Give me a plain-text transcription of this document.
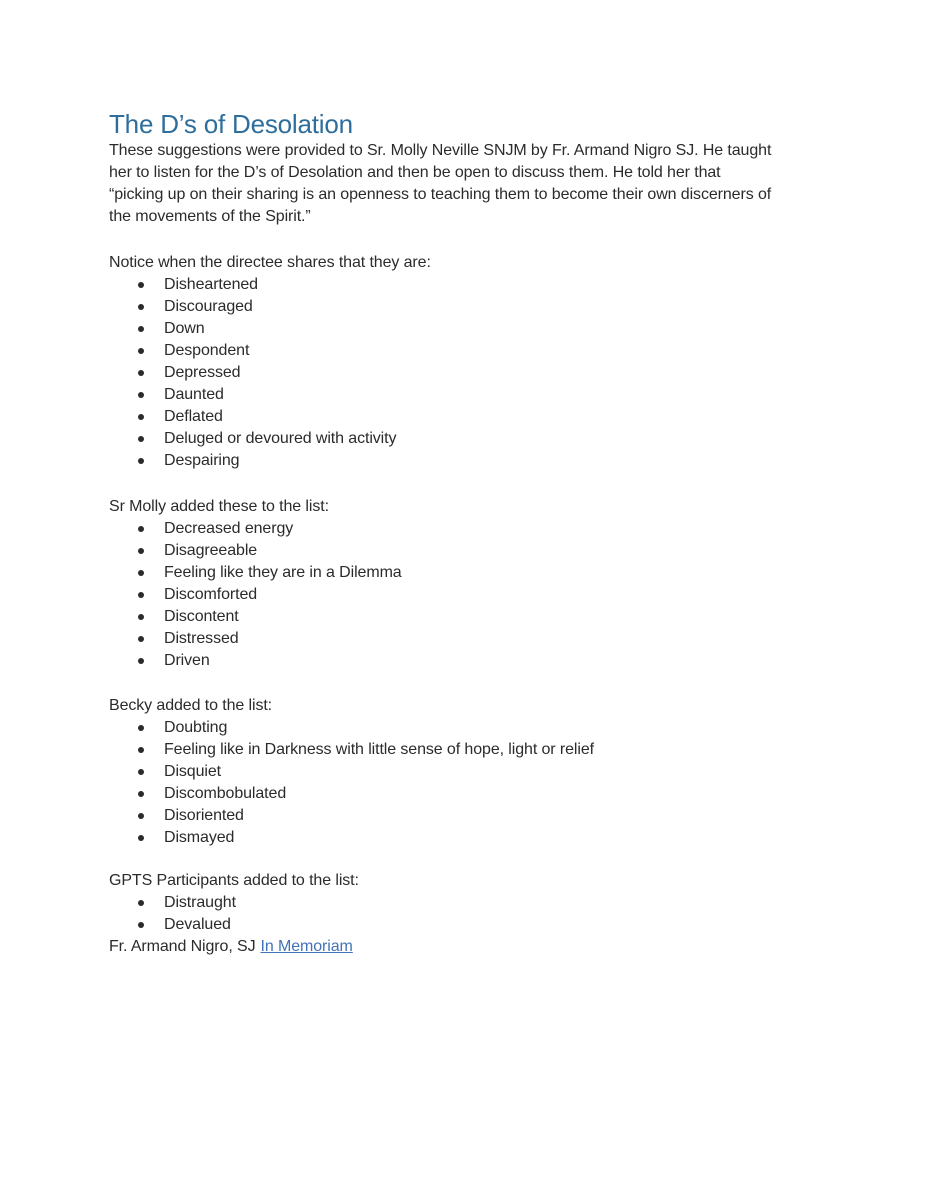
The D’s of Desolation
These suggestions were provided to Sr. Molly Neville SNJM by Fr. Armand Nigro SJ. He taught
her to listen for the D’s of Desolation and then be open to discuss them. He told her that
“picking up on their sharing is an openness to teaching them to become their own discerners of
the movements of the Spirit.”

Notice when the directee shares that they are:

Disheartened
Discouraged
Down
Despondent
Depressed
Daunted
Deflated
Deluged or devoured with activity
Despairing

Sr Molly added these to the list:

Decreased energy
Disagreeable
Feeling like they are in a Dilemma
Discomforted
Discontent
Distressed
Driven

Becky added to the list:

Doubting
Feeling like in Darkness with little sense of hope, light or relief
Disquiet
Discombobulated
Disoriented
Dismayed

GPTS Participants added to the list:

Distraught
Devalued

Fr. Armand Nigro, SJ In Memoriam
